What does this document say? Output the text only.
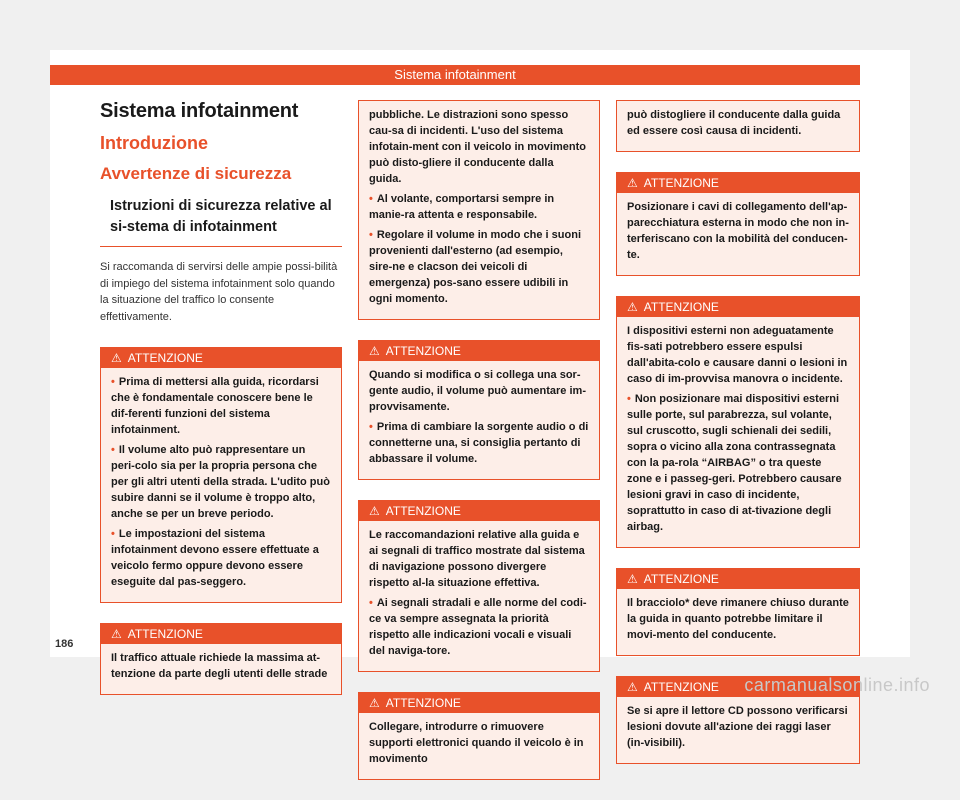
Sistema infotainment
Sistema infotainment
Introduzione
Avvertenze di sicurezza
Istruzioni di sicurezza relative al si-stema di infotainment

Si raccomanda di servirsi delle ampie possi-bilità di impiego del sistema infotainment solo quando la situazione del traffico lo consente effettivamente.

⚠ ATTENZIONE

• Prima di mettersi alla guida, ricordarsi che è fondamentale conoscere bene le dif-ferenti funzioni del sistema infotainment.

• Il volume alto può rappresentare un peri-colo sia per la propria persona che per gli altri utenti della strada. L'udito può subire danni se il volume è troppo alto, anche se per un breve periodo.

• Le impostazioni del sistema infotainment devono essere effettuate a veicolo fermo oppure devono essere eseguite dal pas-seggero.

⚠ ATTENZIONE

Il traffico attuale richiede la massima at-tenzione da parte degli utenti delle strade

pubbliche. Le distrazioni sono spesso cau-sa di incidenti. L'uso del sistema infotain-ment con il veicolo in movimento può disto-gliere il conducente dalla guida.

• Al volante, comportarsi sempre in manie-ra attenta e responsabile.

• Regolare il volume in modo che i suoni provenienti dall'esterno (ad esempio, sire-ne e clacson dei veicoli di emergenza) pos-sano essere udibili in ogni momento.

⚠ ATTENZIONE

Quando si modifica o si collega una sor-gente audio, il volume può aumentare im-provvisamente.

• Prima di cambiare la sorgente audio o di connetterne una, si consiglia pertanto di abbassare il volume.

⚠ ATTENZIONE

Le raccomandazioni relative alla guida e ai segnali di traffico mostrate dal sistema di navigazione possono divergere rispetto al-la situazione effettiva.

• Ai segnali stradali e alle norme del codi-ce va sempre assegnata la priorità rispetto alle indicazioni vocali e visuali del naviga-tore.

⚠ ATTENZIONE

Collegare, introdurre o rimuovere supporti elettronici quando il veicolo è in movimento

può distogliere il conducente dalla guida ed essere così causa di incidenti.

⚠ ATTENZIONE

Posizionare i cavi di collegamento dell'ap-parecchiatura esterna in modo che non in-terferiscano con la mobilità del conducen-te.

⚠ ATTENZIONE

I dispositivi esterni non adeguatamente fis-sati potrebbero essere espulsi dall'abita-colo e causare danni o lesioni in caso di im-provvisa manovra o incidente.

• Non posizionare mai dispositivi esterni sulle porte, sul parabrezza, sul volante, sul cruscotto, sugli schienali dei sedili, sopra o vicino alla zona contrassegnata con la pa-rola “AIRBAG” o tra queste zone e i passeg-geri. Potrebbero causare lesioni gravi in caso di incidente, soprattutto in caso di at-tivazione degli airbag.

⚠ ATTENZIONE

Il bracciolo* deve rimanere chiuso durante la guida in quanto potrebbe limitare il movi-mento del conducente.

⚠ ATTENZIONE

Se si apre il lettore CD possono verificarsi lesioni dovute all'azione dei raggi laser (in-visibili).

186
carmanualsonline.info
